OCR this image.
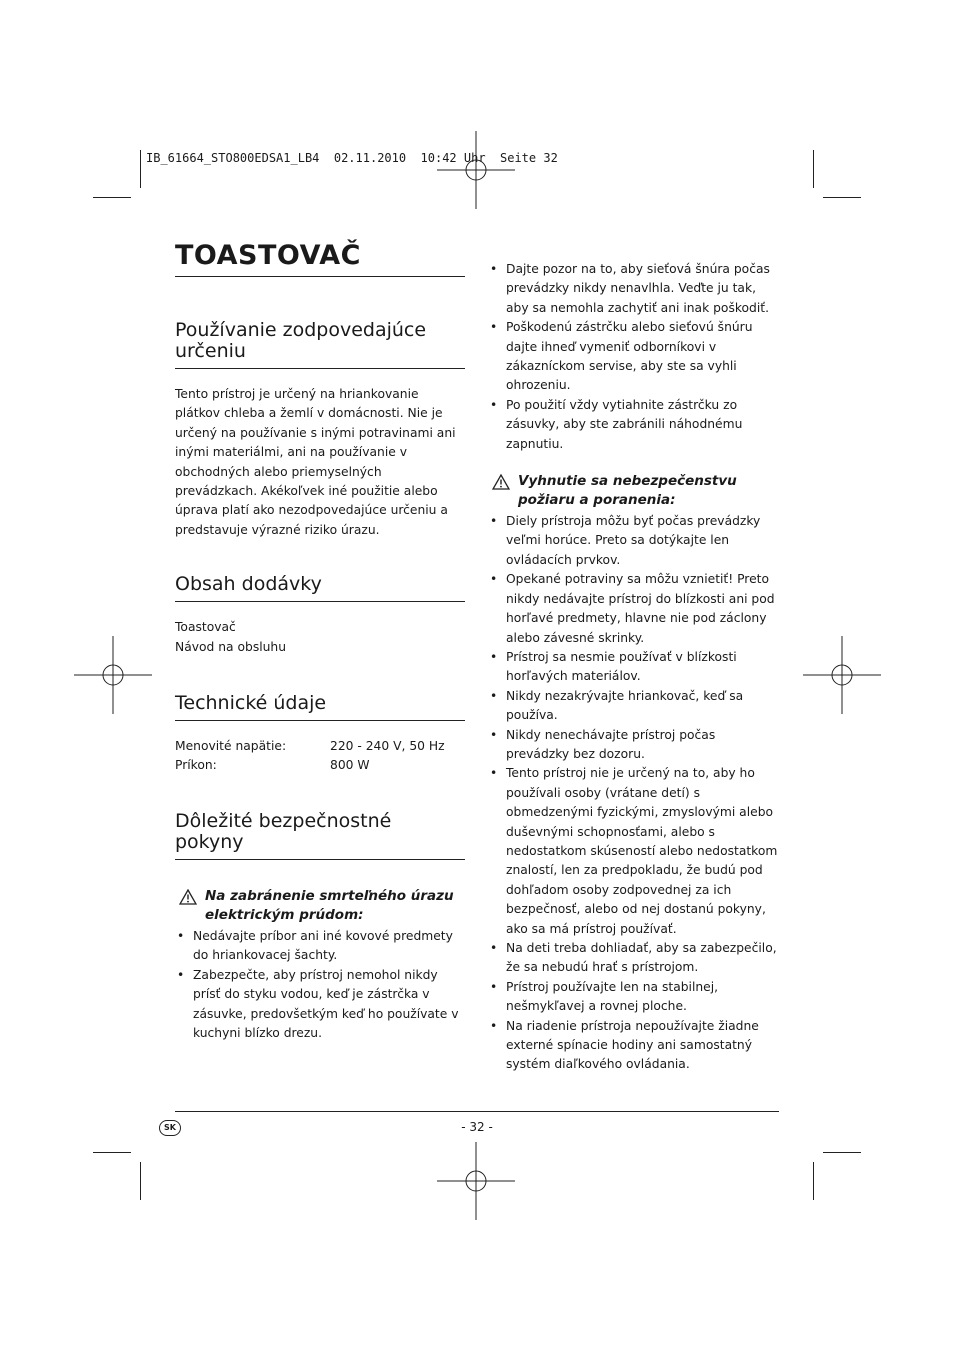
IB_61664_STO800EDSA1_LB4  02.11.2010  10:42 Uhr  Seite 32
TOASTOVAČ
Používanie zodpovedajúce určeniu
Tento prístroj je určený na hriankovanie plátkov chleba a žemlí v domácnosti. Nie je určený na používanie s inými potravinami ani inými materiálmi, ani na používanie v obchodných alebo priemyselných prevádzkach. Akékoľvek iné použitie alebo úprava platí ako nezodpovedajúce určeniu a predstavuje výrazné riziko úrazu.
Obsah dodávky
Toastovač
Návod na obsluhu
Technické údaje
Menovité napätie:	220 - 240 V, 50 Hz
Príkon:	800 W
Dôležité bezpečnostné pokyny
Na zabránenie smrteľného úrazu elektrickým prúdom:
• Nedávajte príbor ani iné kovové predmety do hriankovacej šachty.
• Zabezpečte, aby prístroj nemohol nikdy prísť do styku vodou, keď je zástrčka v zásuvke, predovšetkým keď ho používate v kuchyni blízko drezu.
• Dajte pozor na to, aby sieťová šnúra počas prevádzky nikdy nenavlhla. Veďte ju tak, aby sa nemohla zachytiť ani inak poškodiť.
• Poškodenú zástrčku alebo sieťovú šnúru dajte ihneď vymeniť odborníkovi v zákazníckom servise, aby ste sa vyhli ohrozeniu.
• Po použití vždy vytiahnite zástrčku zo zásuvky, aby ste zabránili náhodnému zapnutiu.
Vyhnutie sa nebezpečenstvu požiaru a poranenia:
• Diely prístroja môžu byť počas prevádzky veľmi horúce. Preto sa dotýkajte len ovládacích prvkov.
• Opekané potraviny sa môžu vznietiť! Preto nikdy nedávajte prístroj do blízkosti ani pod horľavé predmety, hlavne nie pod záclony alebo závesné skrinky.
• Prístroj sa nesmie používať v blízkosti horľavých materiálov.
• Nikdy nezakrývajte hriankovač, keď sa používa.
• Nikdy nenechávajte prístroj počas prevádzky bez dozoru.
• Tento prístroj nie je určený na to, aby ho používali osoby (vrátane detí) s obmedzenými fyzickými, zmyslovými alebo duševnými schopnosťami, alebo s nedostatkom skúseností alebo nedostatkom znalostí, len za predpokladu, že budú pod dohľadom osoby zodpovednej za ich bezpečnosť, alebo od nej dostanú pokyny, ako sa má prístroj používať.
• Na deti treba dohliadať, aby sa zabezpečilo, že sa nebudú hrať s prístrojom.
• Prístroj používajte len na stabilnej, nešmykľavej a rovnej ploche.
• Na riadenie prístroja nepoužívajte žiadne externé spínacie hodiny ani samostatný systém diaľkového ovládania.
SK	- 32 -
